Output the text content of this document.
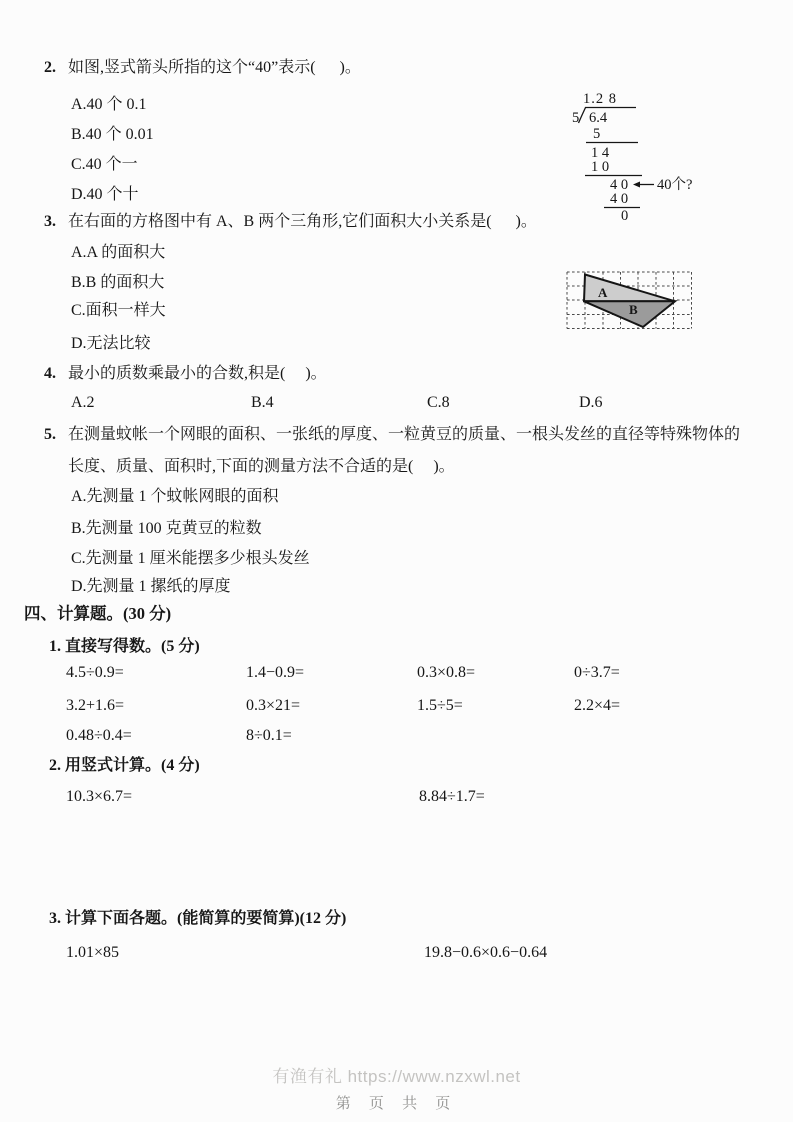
2. 如图,竖式箭头所指的这个“40”表示(      )。
A.40 个 0.1
B.40 个 0.01
C.40 个一
D.40 个十
1.2 8
5 6.4
5
1 4
1 0
4 0 40个?
4 0
0
3. 在右面的方格图中有 A、B 两个三角形,它们面积大小关系是(      )。
A.A 的面积大
B.B 的面积大
C.面积一样大
D.无法比较
A
B
4. 最小的质数乘最小的合数,积是(     )。
A.2	B.4	C.8	D.6
5. 在测量蚊帐一个网眼的面积、一张纸的厚度、一粒黄豆的质量、一根头发丝的直径等特殊物体的长度、质量、面积时,下面的测量方法不合适的是(     )。
A.先测量 1 个蚊帐网眼的面积
B.先测量 100 克黄豆的粒数
C.先测量 1 厘米能摆多少根头发丝
D.先测量 1 摞纸的厚度
四、计算题。(30 分)
1. 直接写得数。(5 分)
4.5÷0.9=	1.4−0.9=	0.3×0.8=	0÷3.7=
3.2+1.6=	0.3×21=	1.5÷5=	2.2×4=
0.48÷0.4=	8÷0.1=
2. 用竖式计算。(4 分)
10.3×6.7=	8.84÷1.7=
3. 计算下面各题。(能简算的要简算)(12 分)
1.01×85	19.8−0.6×0.6−0.64
有渔有礼 https://www.nzxwl.net
第 页 共 页
